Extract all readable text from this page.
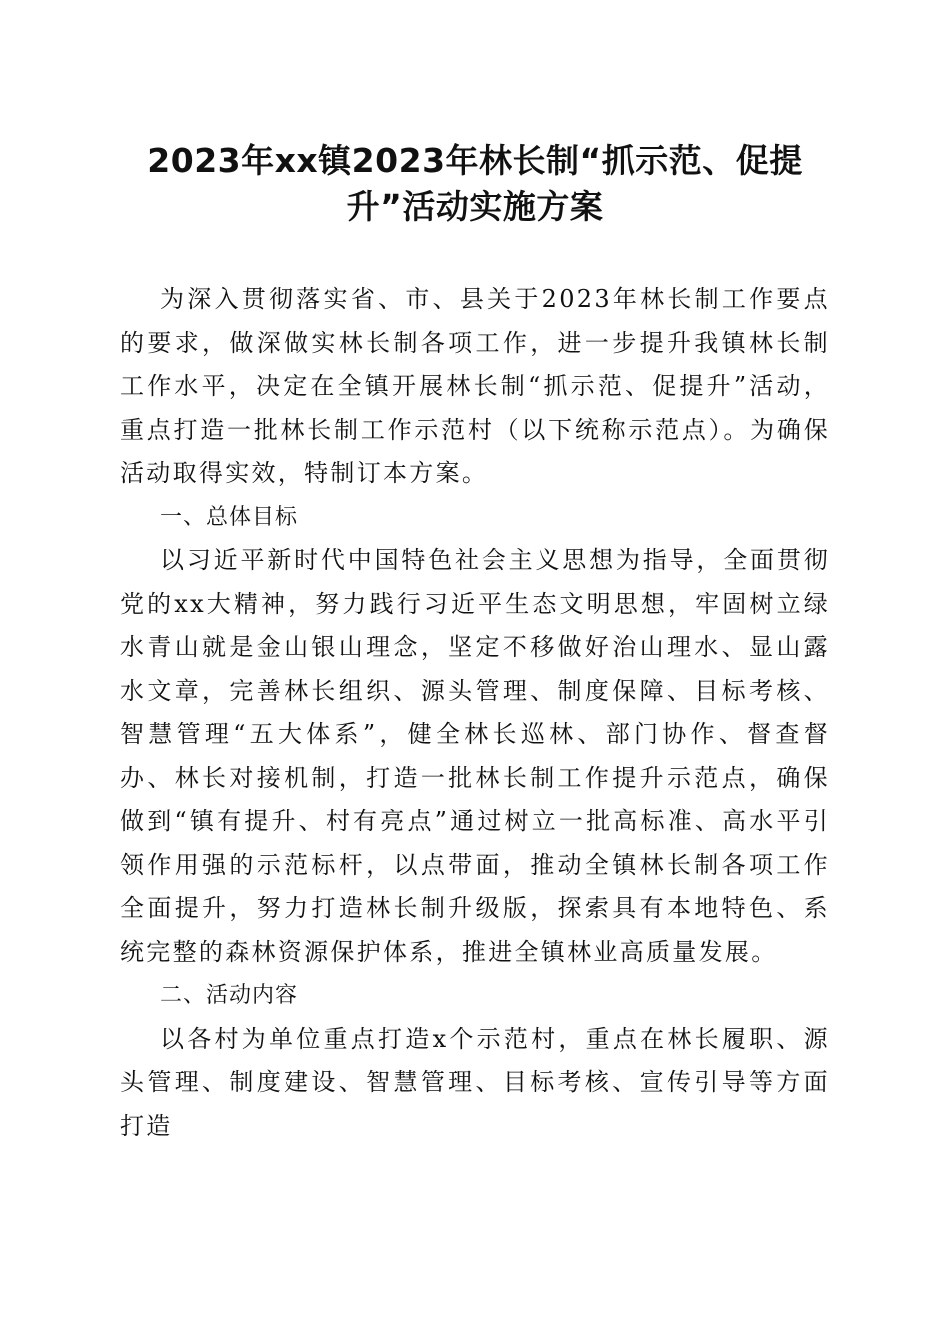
2023年xx镇2023年林长制“抓示范、促提
升”活动实施方案

为深入贯彻落实省、市、县关于2023年林长制工作要点的要求，做深做实林长制各项工作，进一步提升我镇林长制工作水平，决定在全镇开展林长制“抓示范、促提升”活动，重点打造一批林长制工作示范村（以下统称示范点）。为确保活动取得实效，特制订本方案。

一、总体目标

以习近平新时代中国特色社会主义思想为指导，全面贯彻党的xx大精神，努力践行习近平生态文明思想，牢固树立绿水青山就是金山银山理念，坚定不移做好治山理水、显山露水文章，完善林长组织、源头管理、制度保障、目标考核、智慧管理“五大体系”，健全林长巡林、部门协作、督查督办、林长对接机制，打造一批林长制工作提升示范点，确保做到“镇有提升、村有亮点”通过树立一批高标准、高水平引领作用强的示范标杆，以点带面，推动全镇林长制各项工作全面提升，努力打造林长制升级版，探索具有本地特色、系统完整的森林资源保护体系，推进全镇林业高质量发展。

二、活动内容

以各村为单位重点打造x个示范村，重点在林长履职、源头管理、制度建设、智慧管理、目标考核、宣传引导等方面打造
